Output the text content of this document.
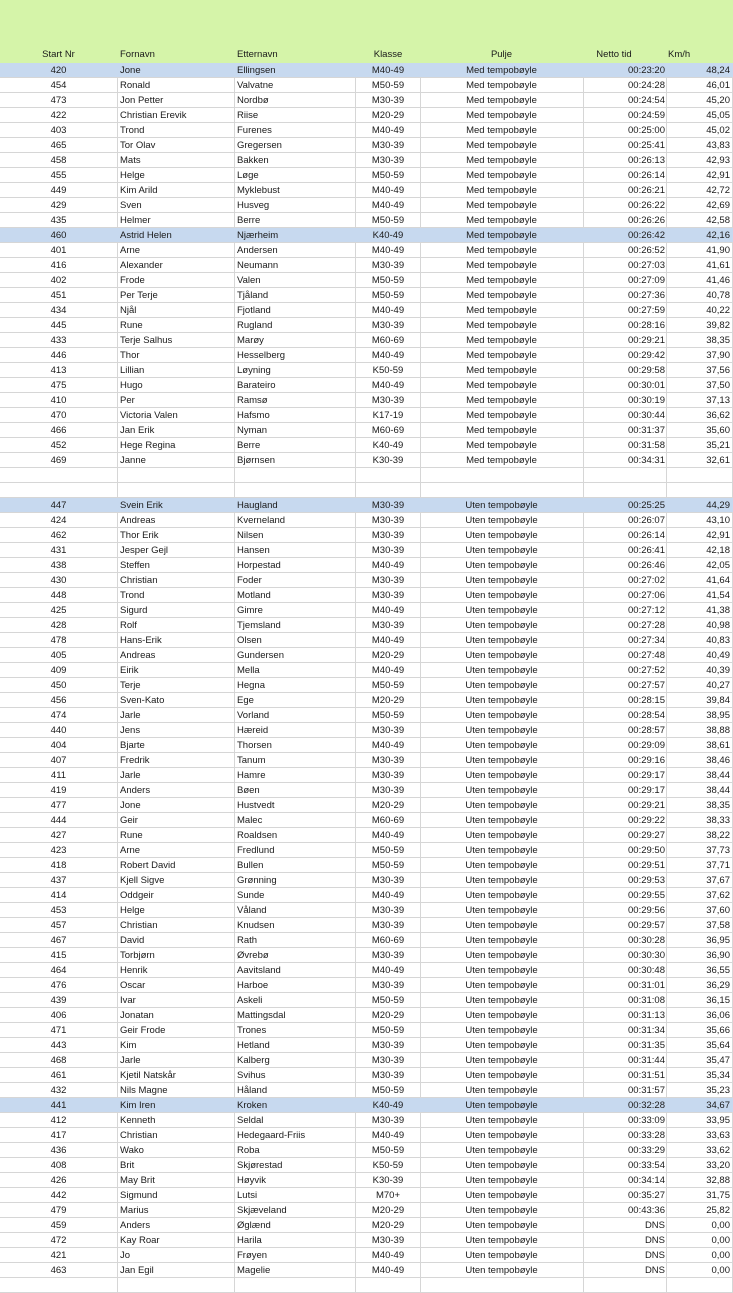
Start Nr	Fornavn	Etternavn	Klasse	Pulje	Netto tid	Km/h
420	Jone	Ellingsen	M40-49	Med tempobøyle	00:23:20	48,24
454	Ronald	Valvatne	M50-59	Med tempobøyle	00:24:28	46,01
473	Jon Petter	Nordbø	M30-39	Med tempobøyle	00:24:54	45,20
422	Christian Erevik	Riise	M20-29	Med tempobøyle	00:24:59	45,05
403	Trond	Furenes	M40-49	Med tempobøyle	00:25:00	45,02
465	Tor Olav	Gregersen	M30-39	Med tempobøyle	00:25:41	43,83
458	Mats	Bakken	M30-39	Med tempobøyle	00:26:13	42,93
455	Helge	Løge	M50-59	Med tempobøyle	00:26:14	42,91
449	Kim Arild	Myklebust	M40-49	Med tempobøyle	00:26:21	42,72
429	Sven	Husveg	M40-49	Med tempobøyle	00:26:22	42,69
435	Helmer	Berre	M50-59	Med tempobøyle	00:26:26	42,58
460	Astrid Helen	Njærheim	K40-49	Med tempobøyle	00:26:42	42,16
401	Arne	Andersen	M40-49	Med tempobøyle	00:26:52	41,90
416	Alexander	Neumann	M30-39	Med tempobøyle	00:27:03	41,61
402	Frode	Valen	M50-59	Med tempobøyle	00:27:09	41,46
451	Per Terje	Tjåland	M50-59	Med tempobøyle	00:27:36	40,78
434	Njål	Fjotland	M40-49	Med tempobøyle	00:27:59	40,22
445	Rune	Rugland	M30-39	Med tempobøyle	00:28:16	39,82
433	Terje Salhus	Marøy	M60-69	Med tempobøyle	00:29:21	38,35
446	Thor	Hesselberg	M40-49	Med tempobøyle	00:29:42	37,90
413	Lillian	Løyning	K50-59	Med tempobøyle	00:29:58	37,56
475	Hugo	Barateiro	M40-49	Med tempobøyle	00:30:01	37,50
410	Per	Ramsø	M30-39	Med tempobøyle	00:30:19	37,13
470	Victoria Valen	Hafsmo	K17-19	Med tempobøyle	00:30:44	36,62
466	Jan Erik	Nyman	M60-69	Med tempobøyle	00:31:37	35,60
452	Hege Regina	Berre	K40-49	Med tempobøyle	00:31:58	35,21
469	Janne	Bjørnsen	K30-39	Med tempobøyle	00:34:31	32,61
447	Svein Erik	Haugland	M30-39	Uten tempobøyle	00:25:25	44,29
424	Andreas	Kverneland	M30-39	Uten tempobøyle	00:26:07	43,10
462	Thor Erik	Nilsen	M30-39	Uten tempobøyle	00:26:14	42,91
431	Jesper Gejl	Hansen	M30-39	Uten tempobøyle	00:26:41	42,18
438	Steffen	Horpestad	M40-49	Uten tempobøyle	00:26:46	42,05
430	Christian	Foder	M30-39	Uten tempobøyle	00:27:02	41,64
448	Trond	Motland	M30-39	Uten tempobøyle	00:27:06	41,54
425	Sigurd	Gimre	M40-49	Uten tempobøyle	00:27:12	41,38
428	Rolf	Tjemsland	M30-39	Uten tempobøyle	00:27:28	40,98
478	Hans-Erik	Olsen	M40-49	Uten tempobøyle	00:27:34	40,83
405	Andreas	Gundersen	M20-29	Uten tempobøyle	00:27:48	40,49
409	Eirik	Mella	M40-49	Uten tempobøyle	00:27:52	40,39
450	Terje	Hegna	M50-59	Uten tempobøyle	00:27:57	40,27
456	Sven-Kato	Ege	M20-29	Uten tempobøyle	00:28:15	39,84
474	Jarle	Vorland	M50-59	Uten tempobøyle	00:28:54	38,95
440	Jens	Hæreid	M30-39	Uten tempobøyle	00:28:57	38,88
404	Bjarte	Thorsen	M40-49	Uten tempobøyle	00:29:09	38,61
407	Fredrik	Tanum	M30-39	Uten tempobøyle	00:29:16	38,46
411	Jarle	Hamre	M30-39	Uten tempobøyle	00:29:17	38,44
419	Anders	Bøen	M30-39	Uten tempobøyle	00:29:17	38,44
477	Jone	Hustvedt	M20-29	Uten tempobøyle	00:29:21	38,35
444	Geir	Malec	M60-69	Uten tempobøyle	00:29:22	38,33
427	Rune	Roaldsen	M40-49	Uten tempobøyle	00:29:27	38,22
423	Arne	Fredlund	M50-59	Uten tempobøyle	00:29:50	37,73
418	Robert David	Bullen	M50-59	Uten tempobøyle	00:29:51	37,71
437	Kjell Sigve	Grønning	M30-39	Uten tempobøyle	00:29:53	37,67
414	Oddgeir	Sunde	M40-49	Uten tempobøyle	00:29:55	37,62
453	Helge	Våland	M30-39	Uten tempobøyle	00:29:56	37,60
457	Christian	Knudsen	M30-39	Uten tempobøyle	00:29:57	37,58
467	David	Rath	M60-69	Uten tempobøyle	00:30:28	36,95
415	Torbjørn	Øvrebø	M30-39	Uten tempobøyle	00:30:30	36,90
464	Henrik	Aavitsland	M40-49	Uten tempobøyle	00:30:48	36,55
476	Oscar	Harboe	M30-39	Uten tempobøyle	00:31:01	36,29
439	Ivar	Askeli	M50-59	Uten tempobøyle	00:31:08	36,15
406	Jonatan	Mattingsdal	M20-29	Uten tempobøyle	00:31:13	36,06
471	Geir Frode	Trones	M50-59	Uten tempobøyle	00:31:34	35,66
443	Kim	Hetland	M30-39	Uten tempobøyle	00:31:35	35,64
468	Jarle	Kalberg	M30-39	Uten tempobøyle	00:31:44	35,47
461	Kjetil Natskår	Svihus	M30-39	Uten tempobøyle	00:31:51	35,34
432	Nils Magne	Håland	M50-59	Uten tempobøyle	00:31:57	35,23
441	Kim Iren	Kroken	K40-49	Uten tempobøyle	00:32:28	34,67
412	Kenneth	Seldal	M30-39	Uten tempobøyle	00:33:09	33,95
417	Christian	Hedegaard-Friis	M40-49	Uten tempobøyle	00:33:28	33,63
436	Wako	Roba	M50-59	Uten tempobøyle	00:33:29	33,62
408	Brit	Skjørestad	K50-59	Uten tempobøyle	00:33:54	33,20
426	May Brit	Høyvik	K30-39	Uten tempobøyle	00:34:14	32,88
442	Sigmund	Lutsi	M70+	Uten tempobøyle	00:35:27	31,75
479	Marius	Skjæveland	M20-29	Uten tempobøyle	00:43:36	25,82
459	Anders	Øglænd	M20-29	Uten tempobøyle	DNS	0,00
472	Kay Roar	Harila	M30-39	Uten tempobøyle	DNS	0,00
421	Jo	Frøyen	M40-49	Uten tempobøyle	DNS	0,00
463	Jan Egil	Magelie	M40-49	Uten tempobøyle	DNS	0,00
